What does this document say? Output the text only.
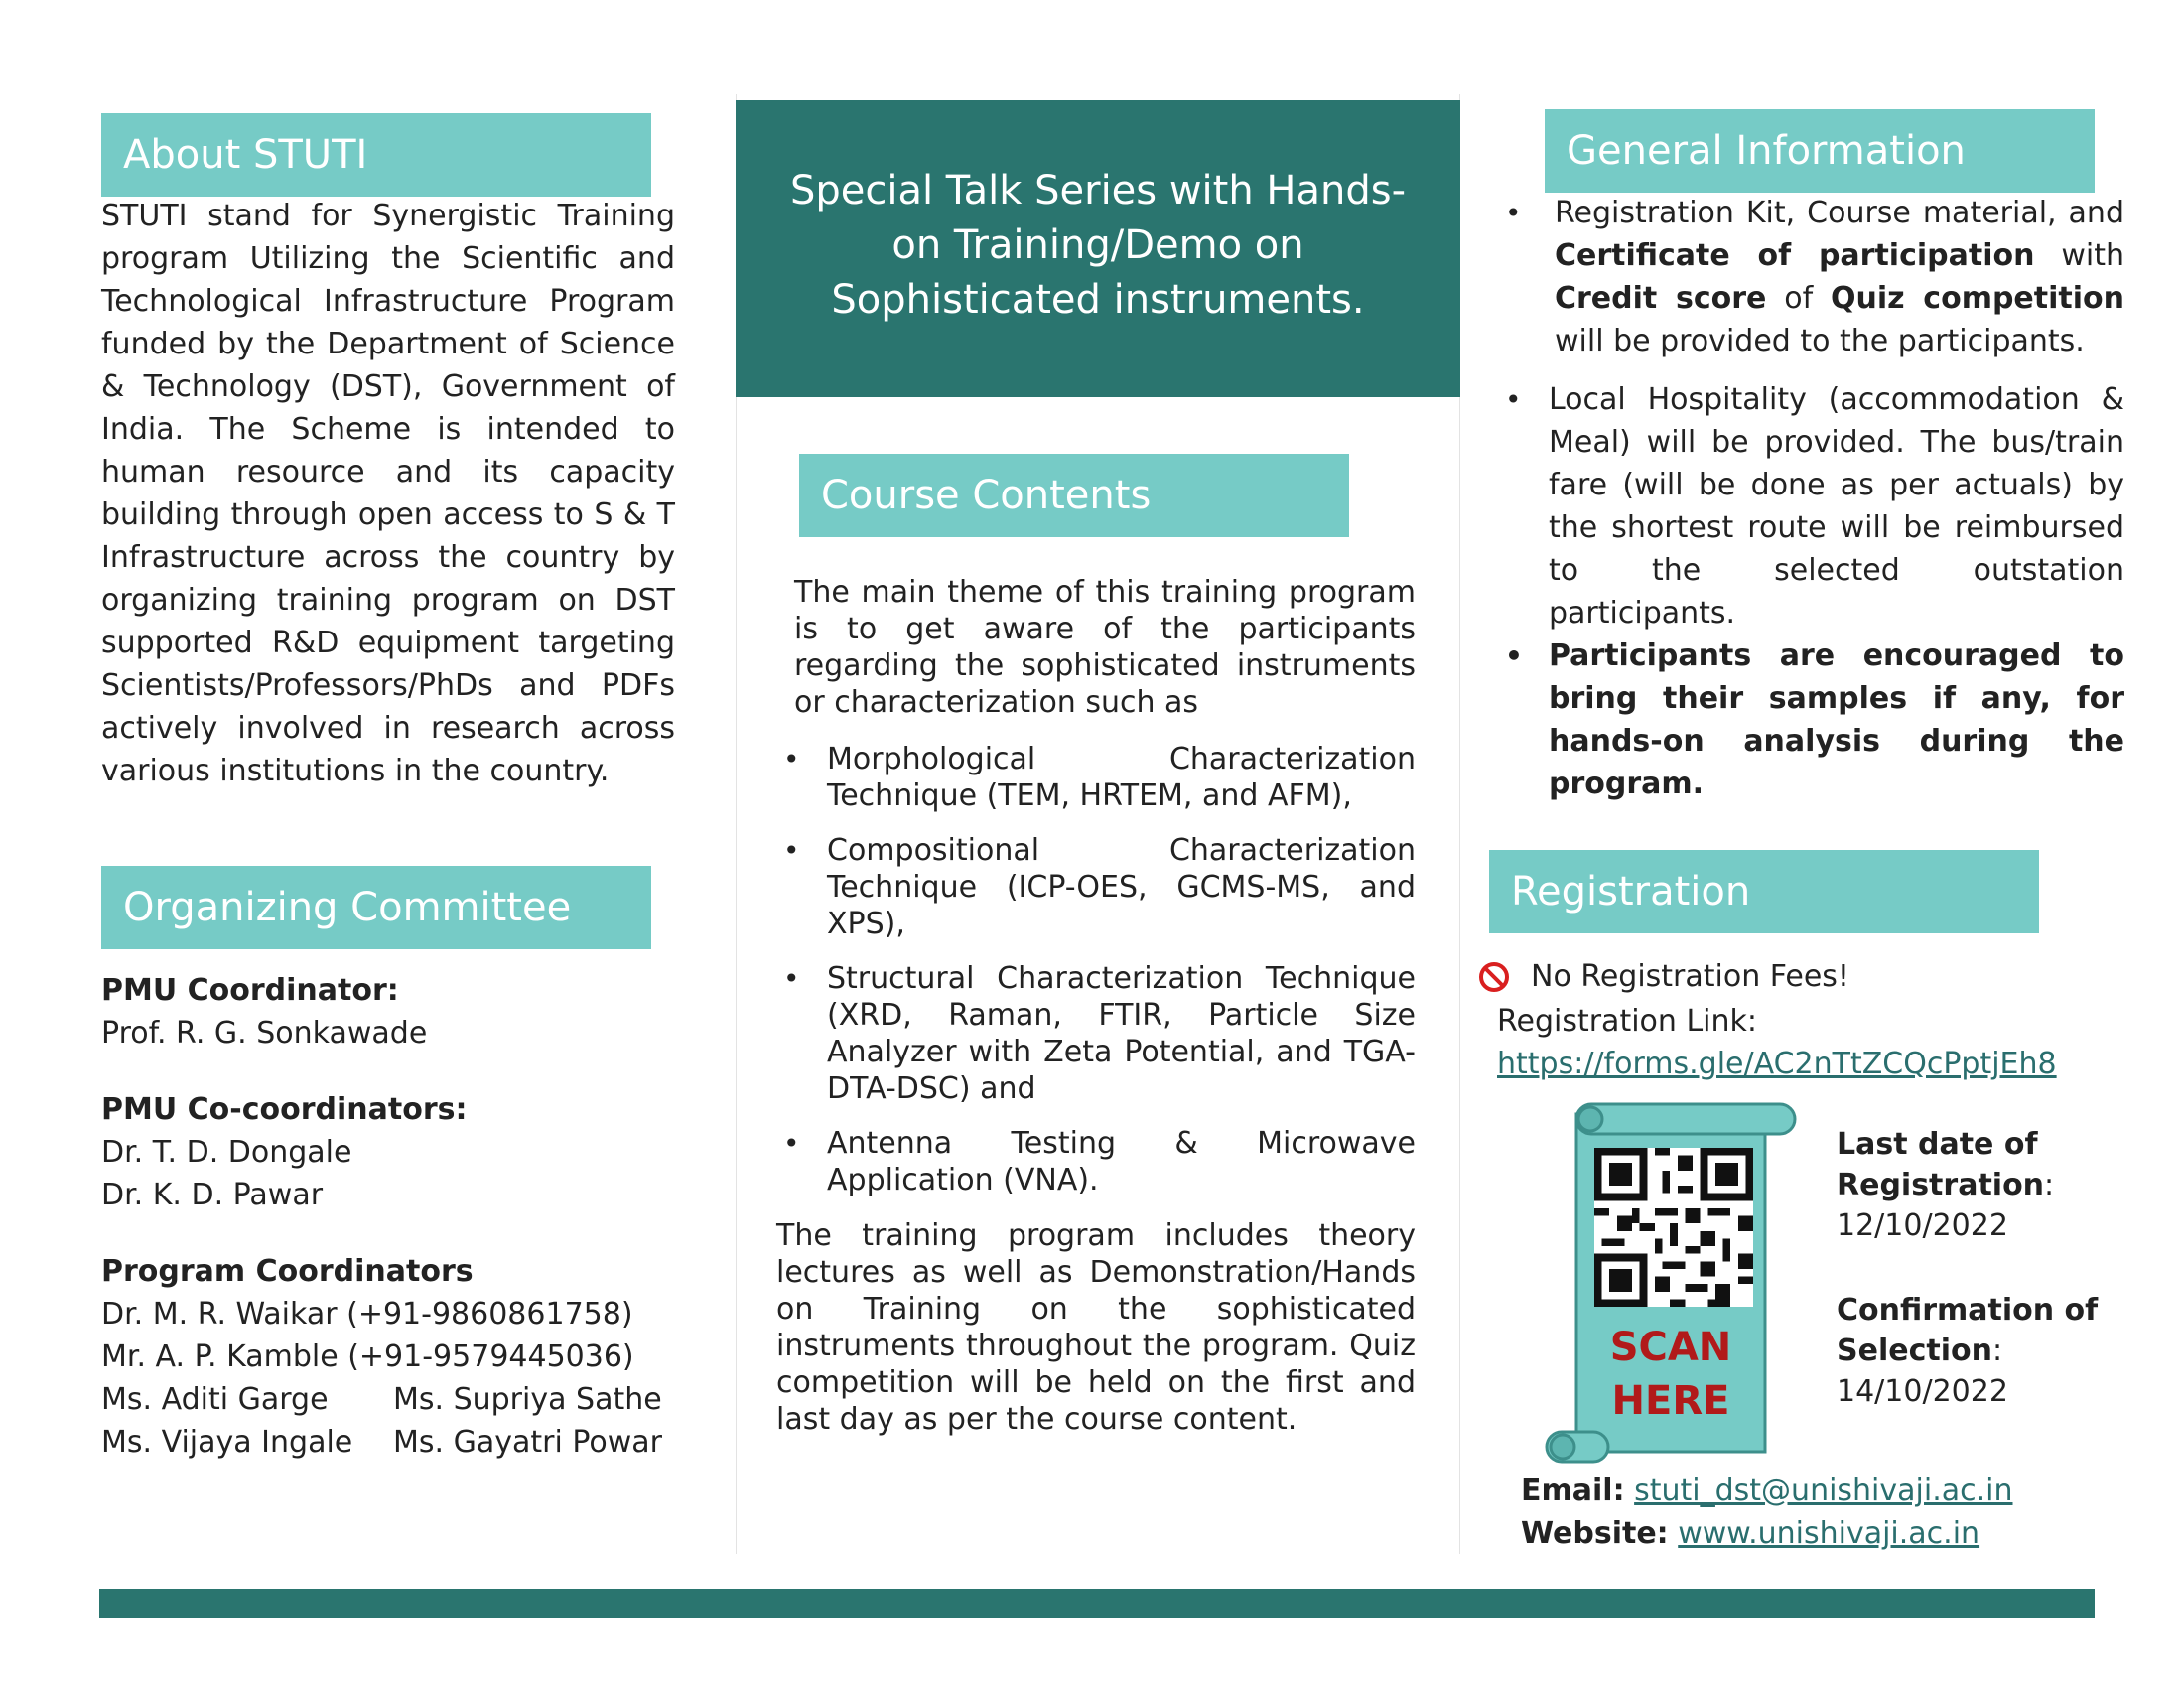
About STUTI
STUTI stand for Synergistic Training program Utilizing the Scientific and Technological Infrastructure Program funded by the Department of Science & Technology (DST), Government of India. The Scheme is intended to human resource and its capacity building through open access to S & T Infrastructure across the country by organizing training program on DST supported R&D equipment targeting Scientists/Professors/PhDs and PDFs actively involved in research across various institutions in the country.
Organizing Committee
PMU Coordinator:
Prof. R. G. Sonkawade
PMU Co-coordinators:
Dr. T. D. Dongale
Dr. K. D. Pawar
Program Coordinators
Dr. M. R. Waikar (+91-9860861758)
Mr. A. P. Kamble (+91-9579445036)
Ms. Aditi Garge	Ms. Supriya Sathe
Ms. Vijaya Ingale	Ms. Gayatri Powar
Special Talk Series with Hands-on Training/Demo on Sophisticated instruments.
Course Contents
The main theme of this training program is to get aware of the participants regarding the sophisticated instruments or characterization such as
• Morphological Characterization Technique (TEM, HRTEM, and AFM),
• Compositional Characterization Technique (ICP-OES, GCMS-MS, and XPS),
• Structural Characterization Technique (XRD, Raman, FTIR, Particle Size Analyzer with Zeta Potential, and TGA-DTA-DSC) and
• Antenna Testing & Microwave Application (VNA).
The training program includes theory lectures as well as Demonstration/Hands on Training on the sophisticated instruments throughout the program. Quiz competition will be held on the first and last day as per the course content.
General Information
• Registration Kit, Course material, and Certificate of participation with Credit score of Quiz competition will be provided to the participants.
• Local Hospitality (accommodation & Meal) will be provided. The bus/train fare (will be done as per actuals) by the shortest route will be reimbursed to the selected outstation participants.
• Participants are encouraged to bring their samples if any, for hands-on analysis during the program.
Registration
No Registration Fees!
Registration Link:
https://forms.gle/AC2nTtZCQcPptjEh8
SCAN
HERE
Last date of
Registration:
12/10/2022
Confirmation of
Selection:
14/10/2022
Email: stuti_dst@unishivaji.ac.in
Website: www.unishivaji.ac.in
